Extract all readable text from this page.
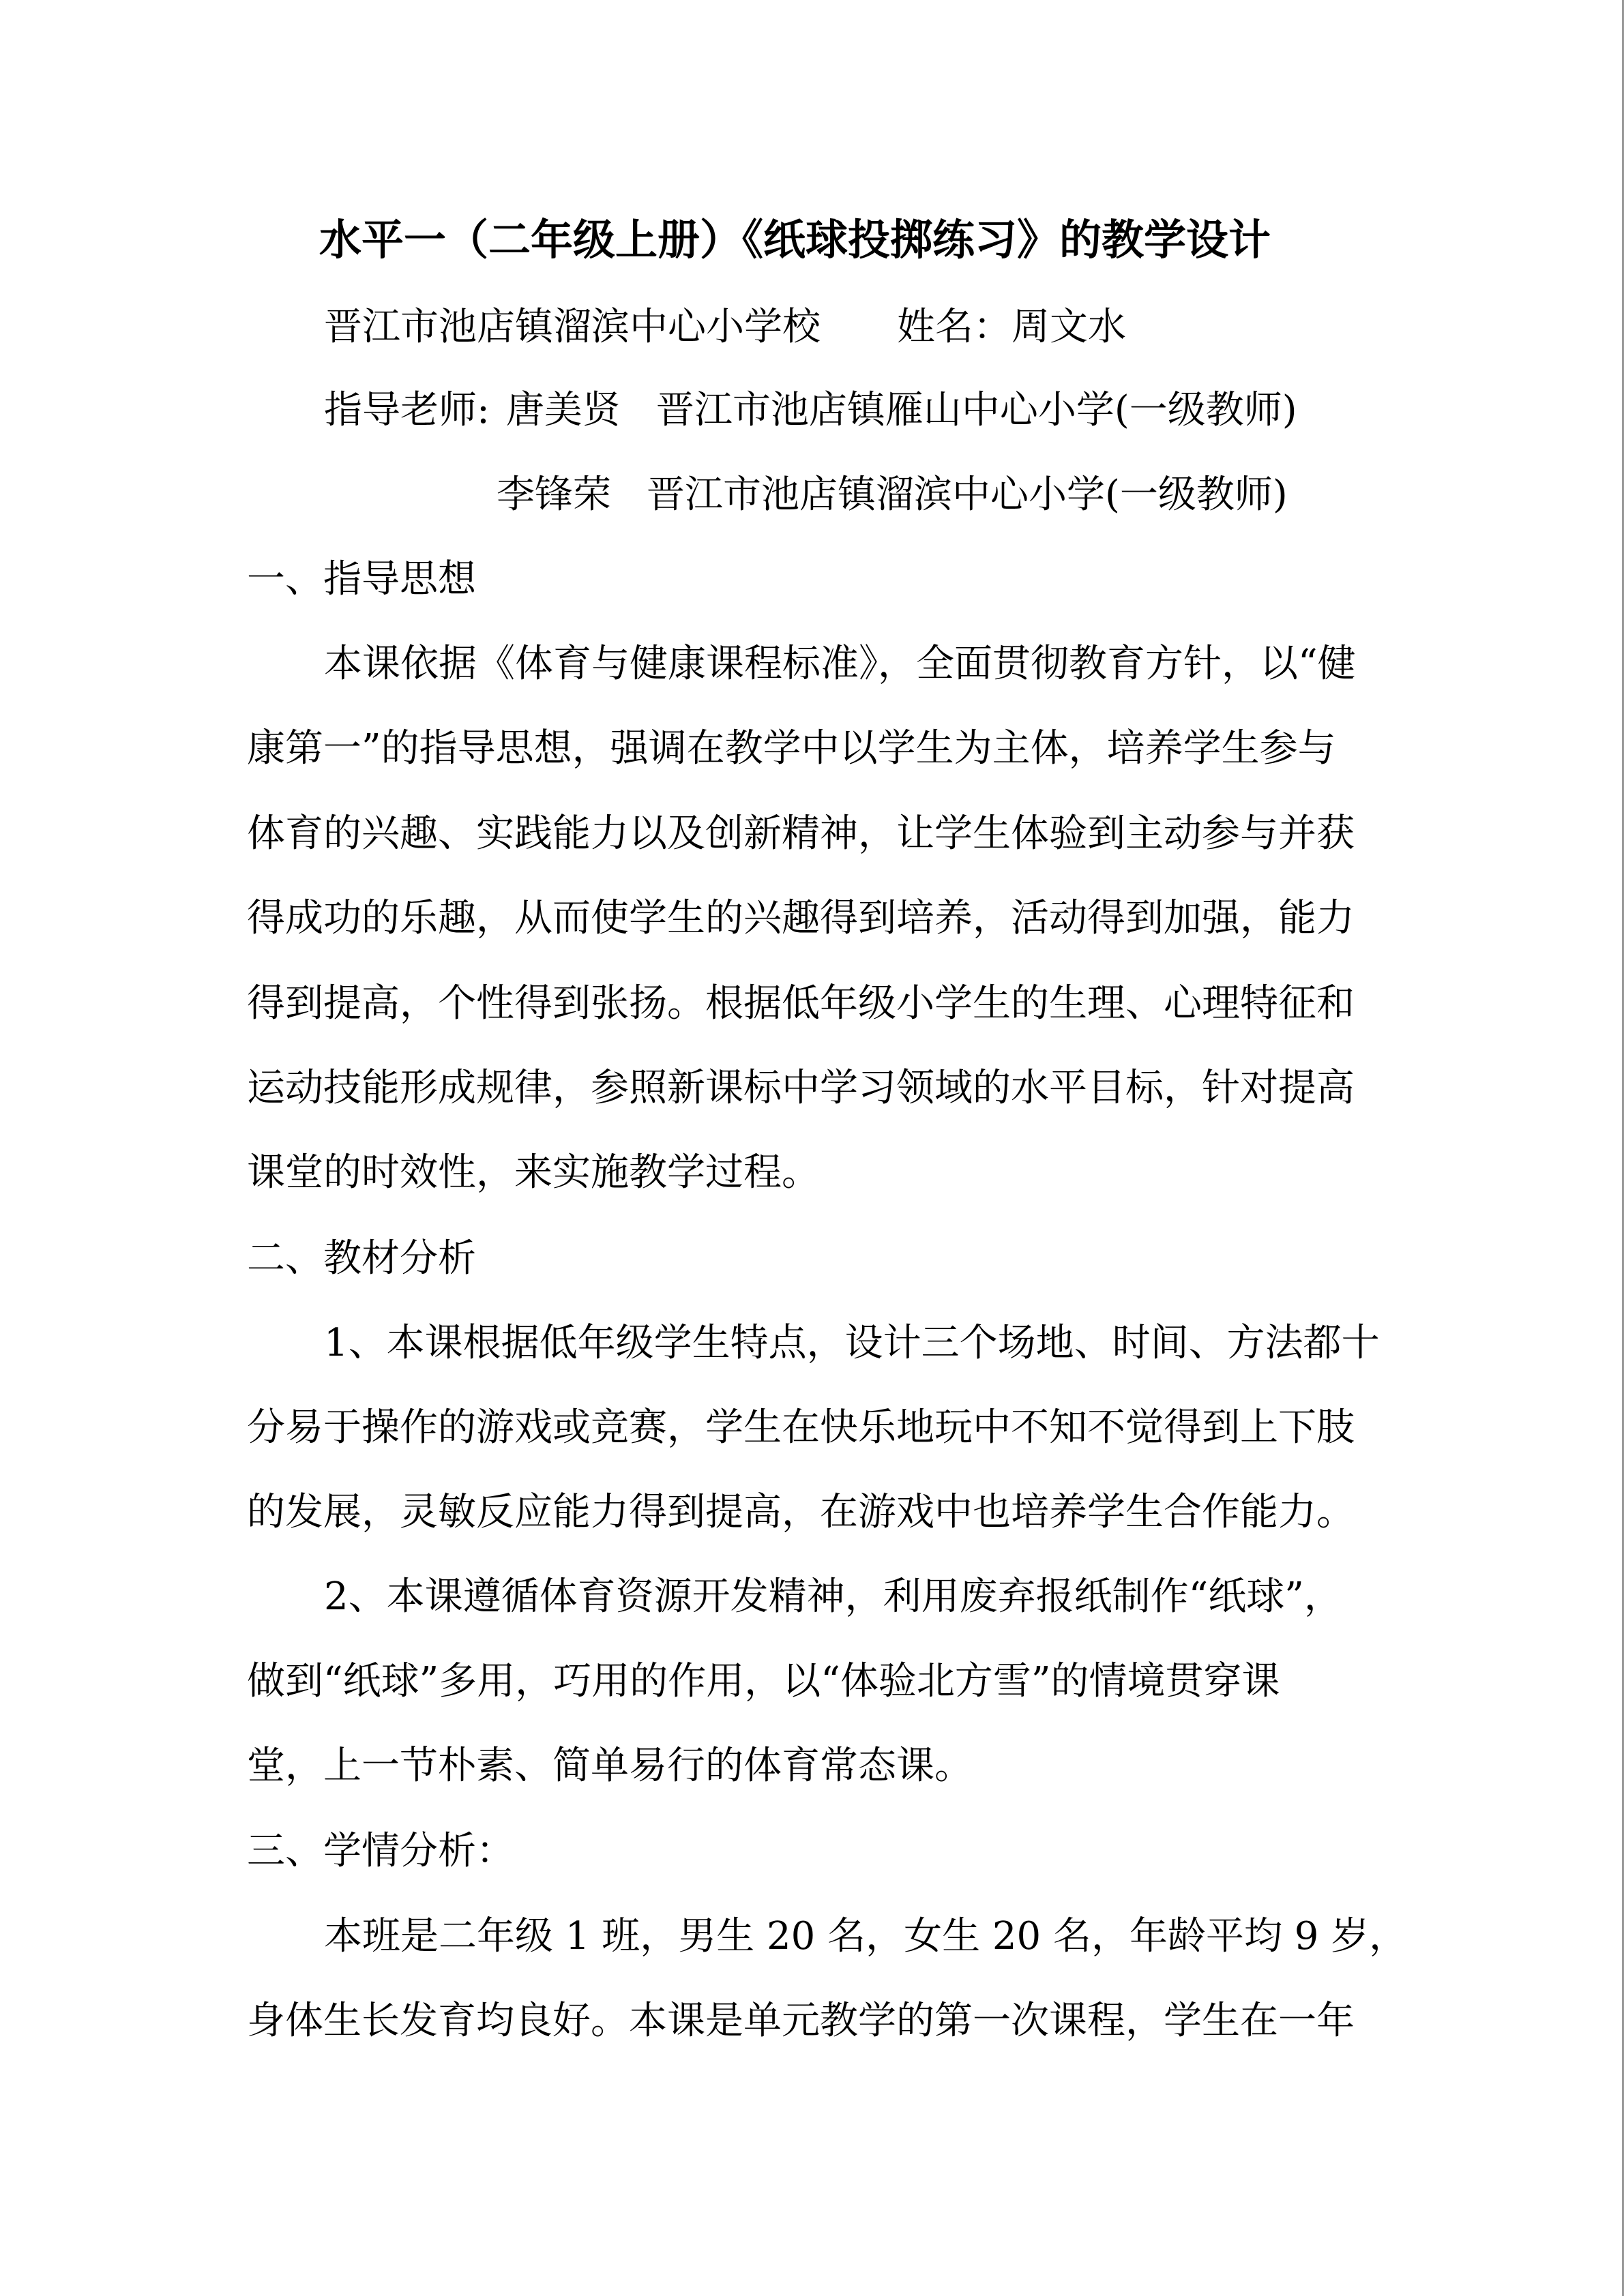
水平一（二年级上册）《纸球投掷练习》的教学设计
晋江市池店镇溜滨中心小学校 姓名：周文水
指导老师: 唐美贤 晋江市池店镇雁山中心小学(一级教师)
李锋荣 晋江市池店镇溜滨中心小学(一级教师)
一、指导思想
本课依据《体育与健康课程标准》，全面贯彻教育方针，以“健
康第一”的指导思想，强调在教学中以学生为主体，培养学生参与
体育的兴趣、实践能力以及创新精神，让学生体验到主动参与并获
得成功的乐趣，从而使学生的兴趣得到培养，活动得到加强，能力
得到提高，个性得到张扬。根据低年级小学生的生理、心理特征和
运动技能形成规律，参照新课标中学习领域的水平目标，针对提高
课堂的时效性，来实施教学过程。
二、教材分析
1、本课根据低年级学生特点，设计三个场地、时间、方法都十
分易于操作的游戏或竞赛，学生在快乐地玩中不知不觉得到上下肢
的发展，灵敏反应能力得到提高，在游戏中也培养学生合作能力。
2、本课遵循体育资源开发精神，利用废弃报纸制作“纸球”，
做到“纸球”多用，巧用的作用，以“体验北方雪”的情境贯穿课
堂，上一节朴素、简单易行的体育常态课。
三、学情分析：
本班是二年级 1 班，男生 20 名，女生 20 名，年龄平均 9 岁，
身体生长发育均良好。本课是单元教学的第一次课程，学生在一年
